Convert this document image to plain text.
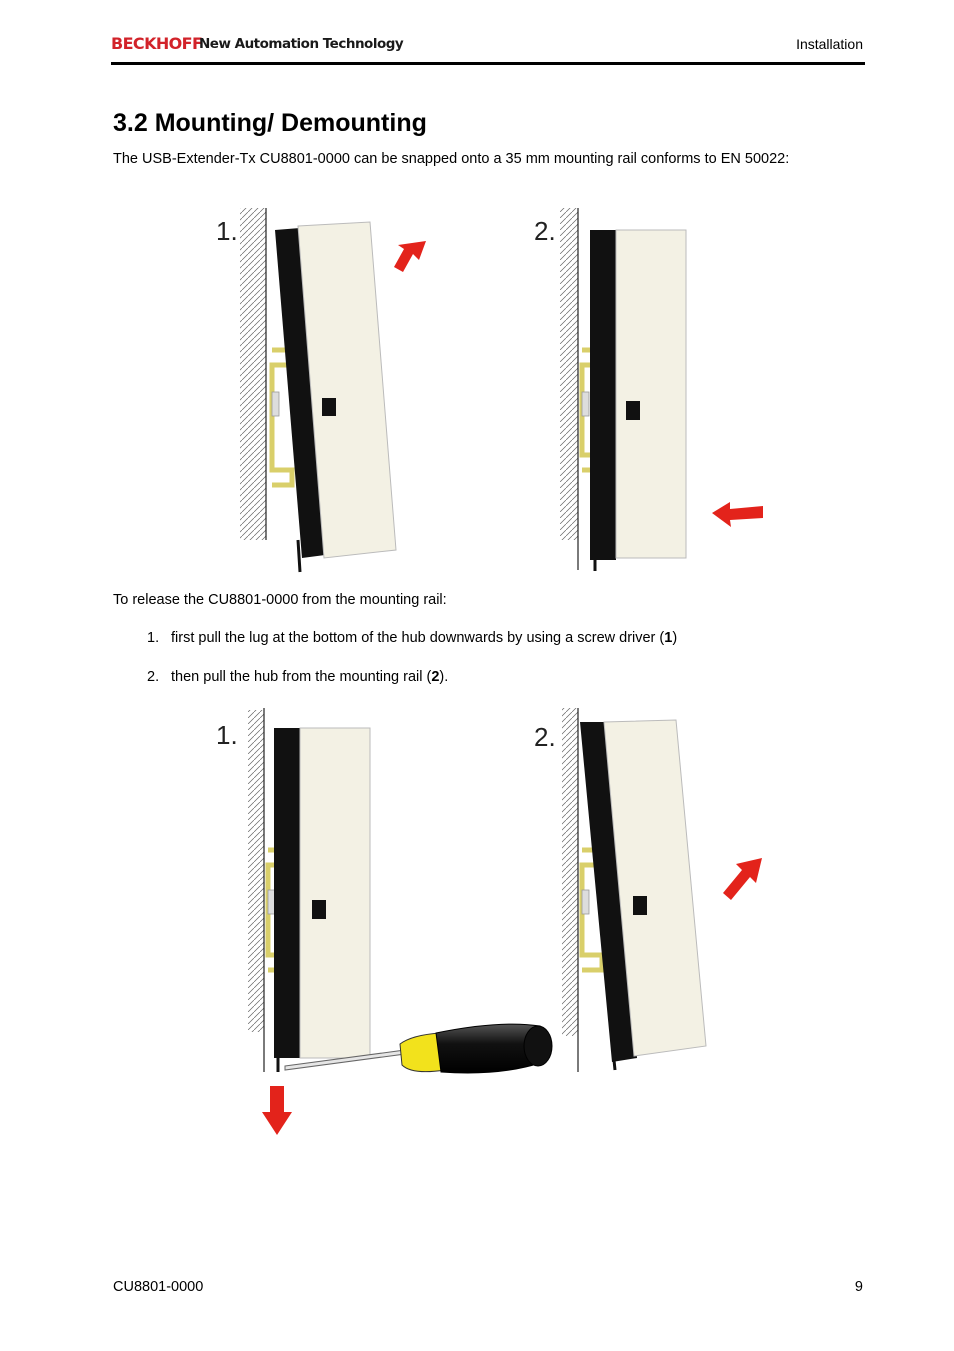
BECKHOFF
New Automation Technology	Installation
3.2 Mounting/ Demounting

The USB-Extender-Tx CU8801-0000 can be snapped onto a 35 mm mounting rail conforms to EN 50022:

1.	2.

To release the CU8801-0000 from the mounting rail:

1. first pull the lug at the bottom of the hub downwards by using a screw driver (1)
2. then pull the hub from the mounting rail (2).
1.	2.
CU8801-0000	9
